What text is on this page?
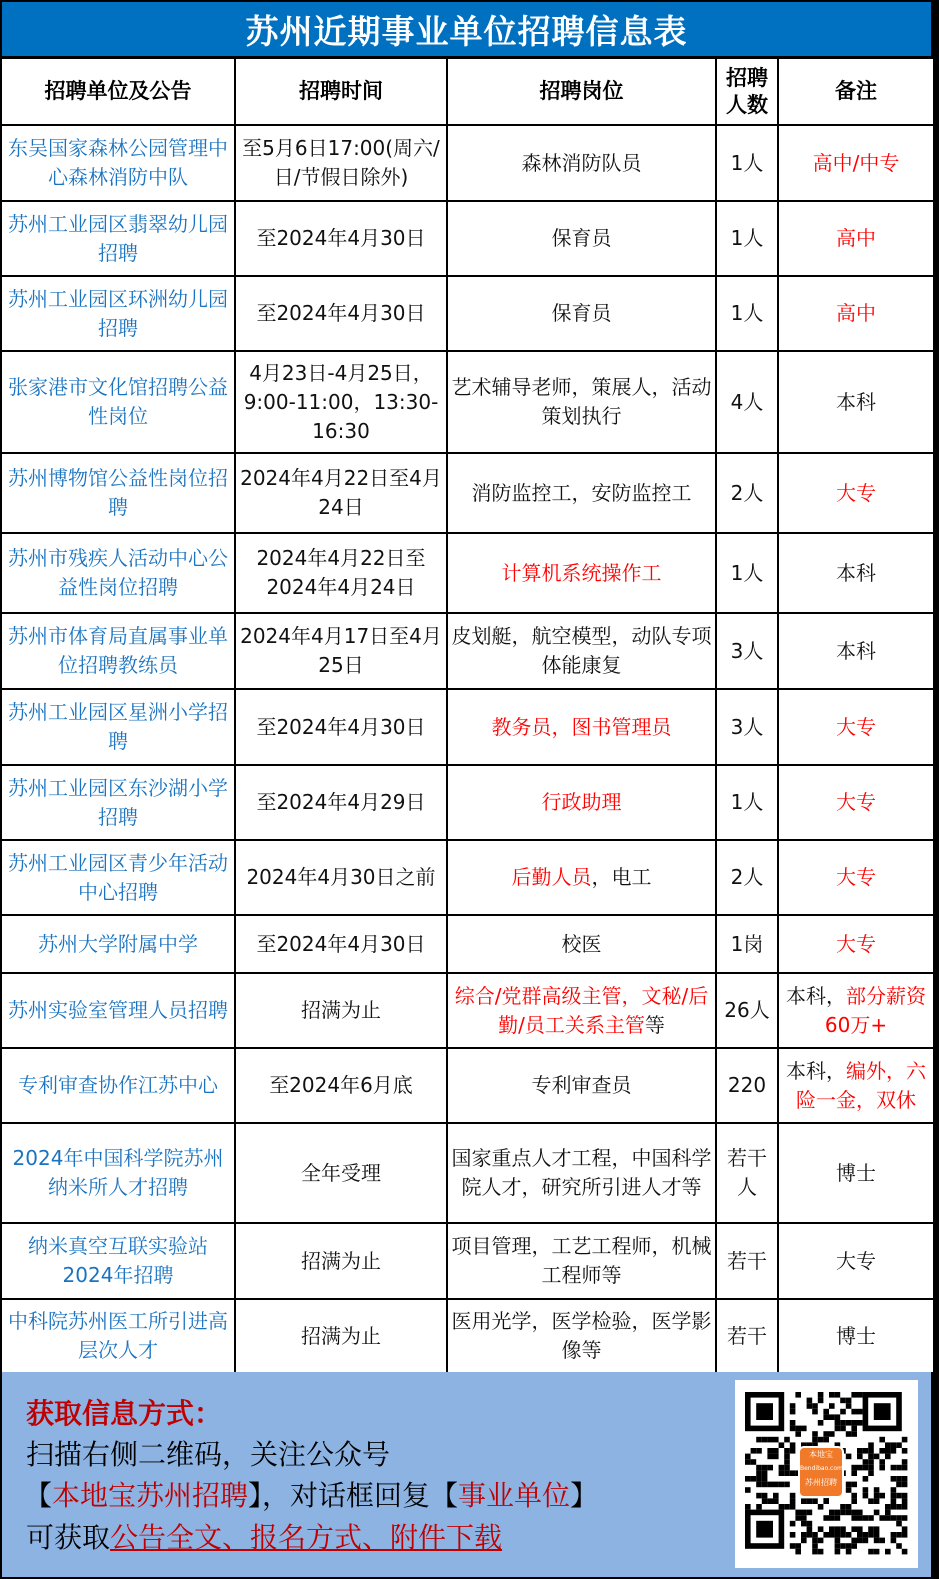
苏州近期事业单位招聘信息表
招聘单位及公告	招聘时间	招聘岗位	招聘人数	备注
东吴国家森林公园管理中心森林消防中队	至5月6日17:00(周六/日/节假日除外)	森林消防队员	1人	高中/中专
苏州工业园区翡翠幼儿园招聘	至2024年4月30日	保育员	1人	高中
苏州工业园区环洲幼儿园招聘	至2024年4月30日	保育员	1人	高中
张家港市文化馆招聘公益性岗位	4月23日-4月25日，9:00-11:00，13:30-16:30	艺术辅导老师，策展人，活动策划执行	4人	本科
苏州博物馆公益性岗位招聘	2024年4月22日至4月24日	消防监控工，安防监控工	2人	大专
苏州市残疾人活动中心公益性岗位招聘	2024年4月22日至2024年4月24日	计算机系统操作工	1人	本科
苏州市体育局直属事业单位招聘教练员	2024年4月17日至4月25日	皮划艇，航空模型，动队专项体能康复	3人	本科
苏州工业园区星洲小学招聘	至2024年4月30日	教务员，图书管理员	3人	大专
苏州工业园区东沙湖小学招聘	至2024年4月29日	行政助理	1人	大专
苏州工业园区青少年活动中心招聘	2024年4月30日之前	后勤人员，电工	2人	大专
苏州大学附属中学	至2024年4月30日	校医	1岗	大专
苏州实验室管理人员招聘	招满为止	综合/党群高级主管，文秘/后勤/员工关系主管等	26人	本科，部分薪资60万+
专利审查协作江苏中心	至2024年6月底	专利审查员	220	本科，编外，六险一金，双休
2024年中国科学院苏州纳米所人才招聘	全年受理	国家重点人才工程，中国科学院人才，研究所引进人才等	若干人	博士
纳米真空互联实验站2024年招聘	招满为止	项目管理，工艺工程师，机械工程师等	若干	大专
中科院苏州医工所引进高层次人才	招满为止	医用光学，医学检验，医学影像等	若干	博士
获取信息方式：
扫描右侧二维码，关注公众号
【本地宝苏州招聘】，对话框回复【事业单位】
可获取公告全文、报名方式、附件下载
本地宝
Bendibao.com
苏州招聘
